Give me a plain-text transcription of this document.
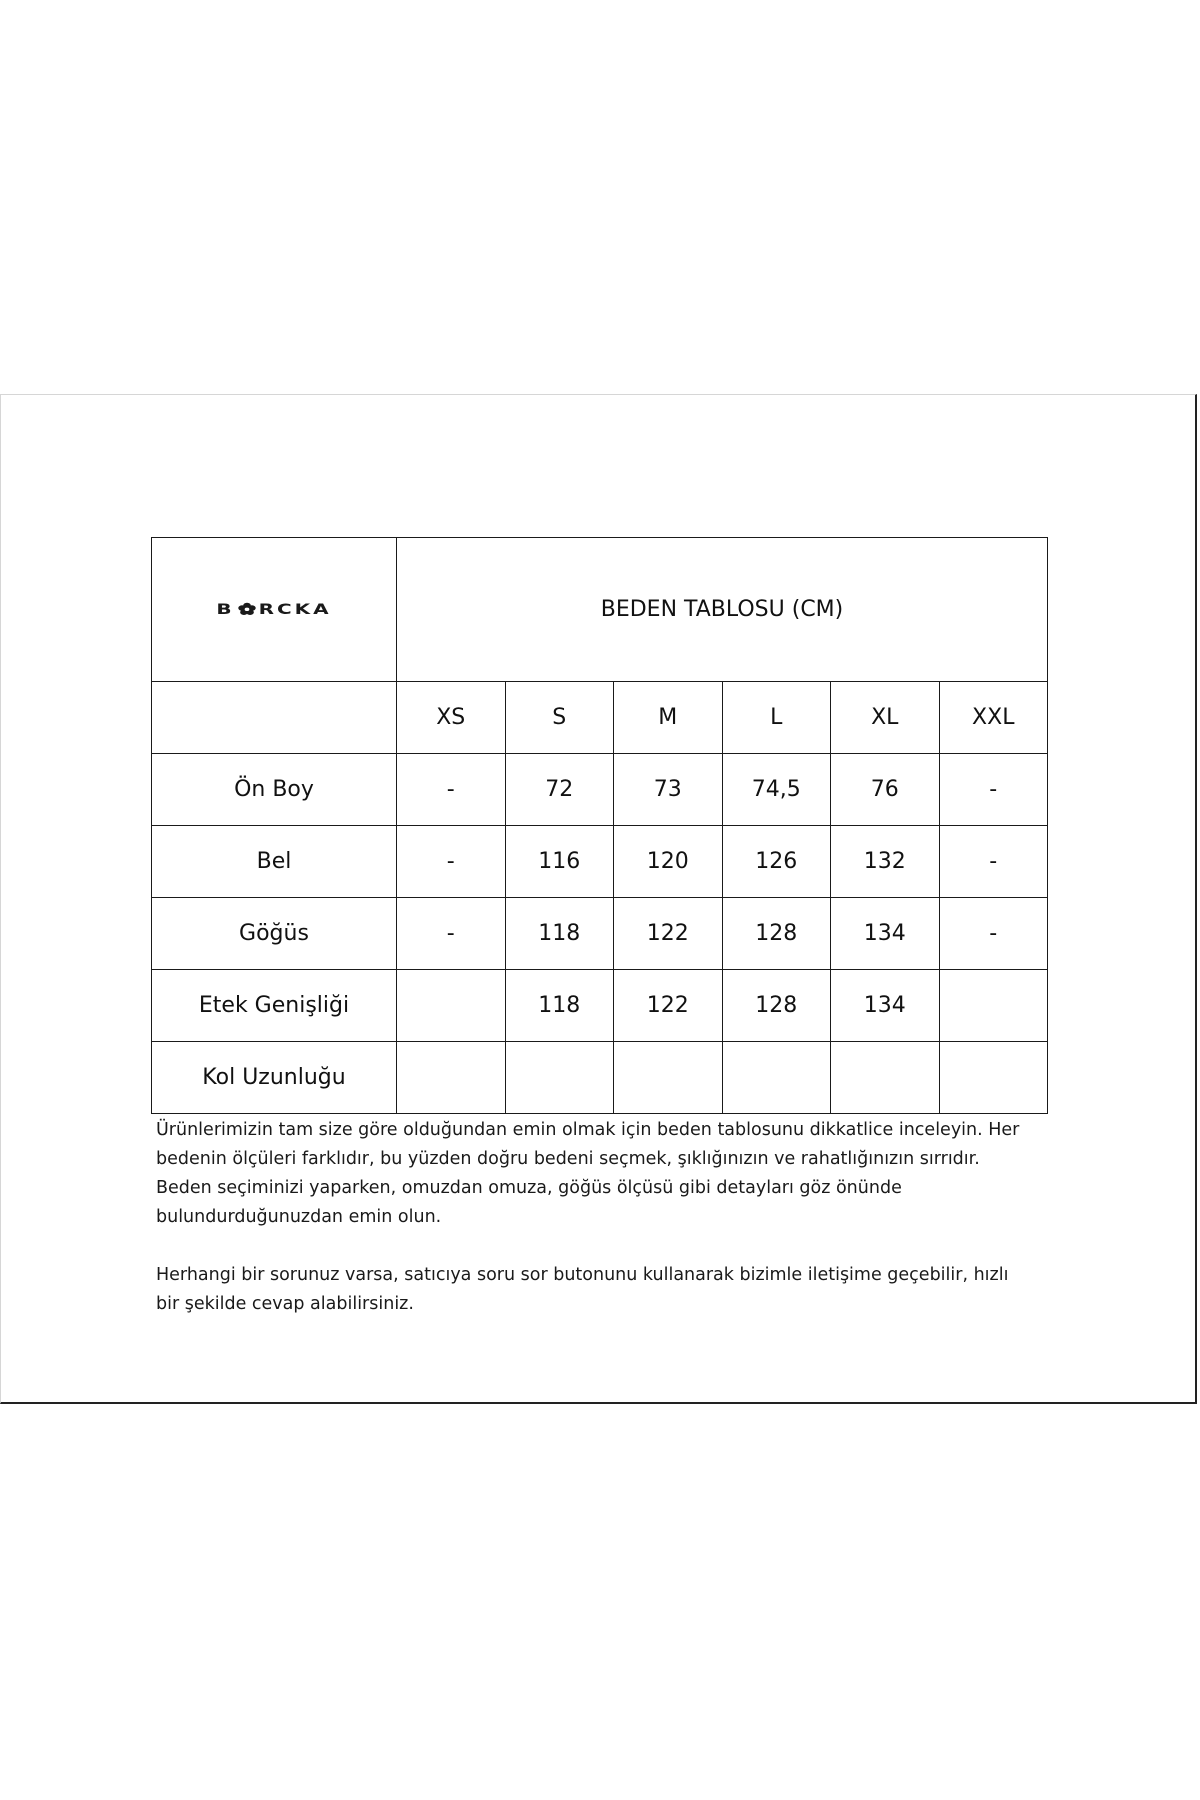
B RCKA	BEDEN TABLOSU (CM)					
	XS	S	M	L	XL	XXL
Ön Boy	-	72	73	74,5	76	-
Bel	-	116	120	126	132	-
Göğüs	-	118	122	128	134	-
Etek Genişliği		118	122	128	134	
Kol Uzunluğu						

Ürünlerimizin tam size göre olduğundan emin olmak için beden tablosunu dikkatlice inceleyin. Her bedenin ölçüleri farklıdır, bu yüzden doğru bedeni seçmek, şıklığınızın ve rahatlığınızın sırrıdır. Beden seçiminizi yaparken, omuzdan omuza, göğüs ölçüsü gibi detayları göz önünde bulundurduğunuzdan emin olun.

Herhangi bir sorunuz varsa, satıcıya soru sor butonunu kullanarak bizimle iletişime geçebilir, hızlı bir şekilde cevap alabilirsiniz.
